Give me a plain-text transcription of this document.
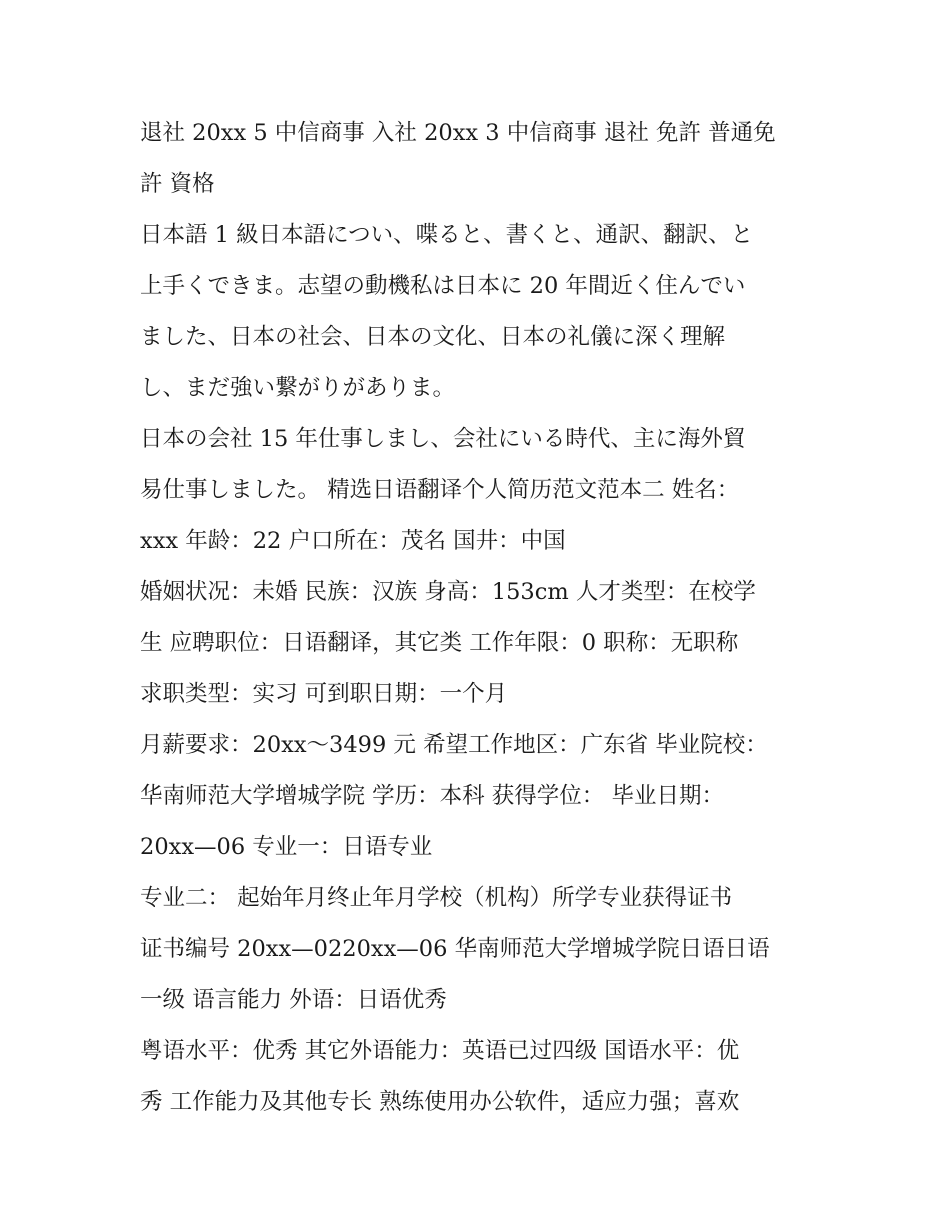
退社 20xx 5 中信商事 入社 20xx 3 中信商事 退社 免許 普通免
許 資格
日本語 1 級日本語につい、喋ると、書くと、通訳、翻訳、と
上手くできま。志望の動機私は日本に 20 年間近く住んでい
ました、日本の社会、日本の文化、日本の礼儀に深く理解
し、まだ強い繋がりがありま。
日本の会社 15 年仕事しまし、会社にいる時代、主に海外貿
易仕事しました。 精选日语翻译个人简历范文范本二 姓名：
xxx 年龄：22 户口所在：茂名 国井：中国
婚姻状况：未婚 民族：汉族 身高：153cm 人才类型：在校学
生 应聘职位：日语翻译，其它类 工作年限：0 职称：无职称
求职类型：实习 可到职日期：一个月
月薪要求：20xx～3499 元 希望工作地区：广东省 毕业院校：
华南师范大学增城学院 学历：本科 获得学位： 毕业日期：
20xx—06 专业一：日语专业
专业二： 起始年月终止年月学校（机构）所学专业获得证书
证书编号 20xx—0220xx—06 华南师范大学增城学院日语日语
一级 语言能力 外语：日语优秀
粤语水平：优秀 其它外语能力：英语已过四级 国语水平：优
秀 工作能力及其他专长 熟练使用办公软件，适应力强；喜欢
